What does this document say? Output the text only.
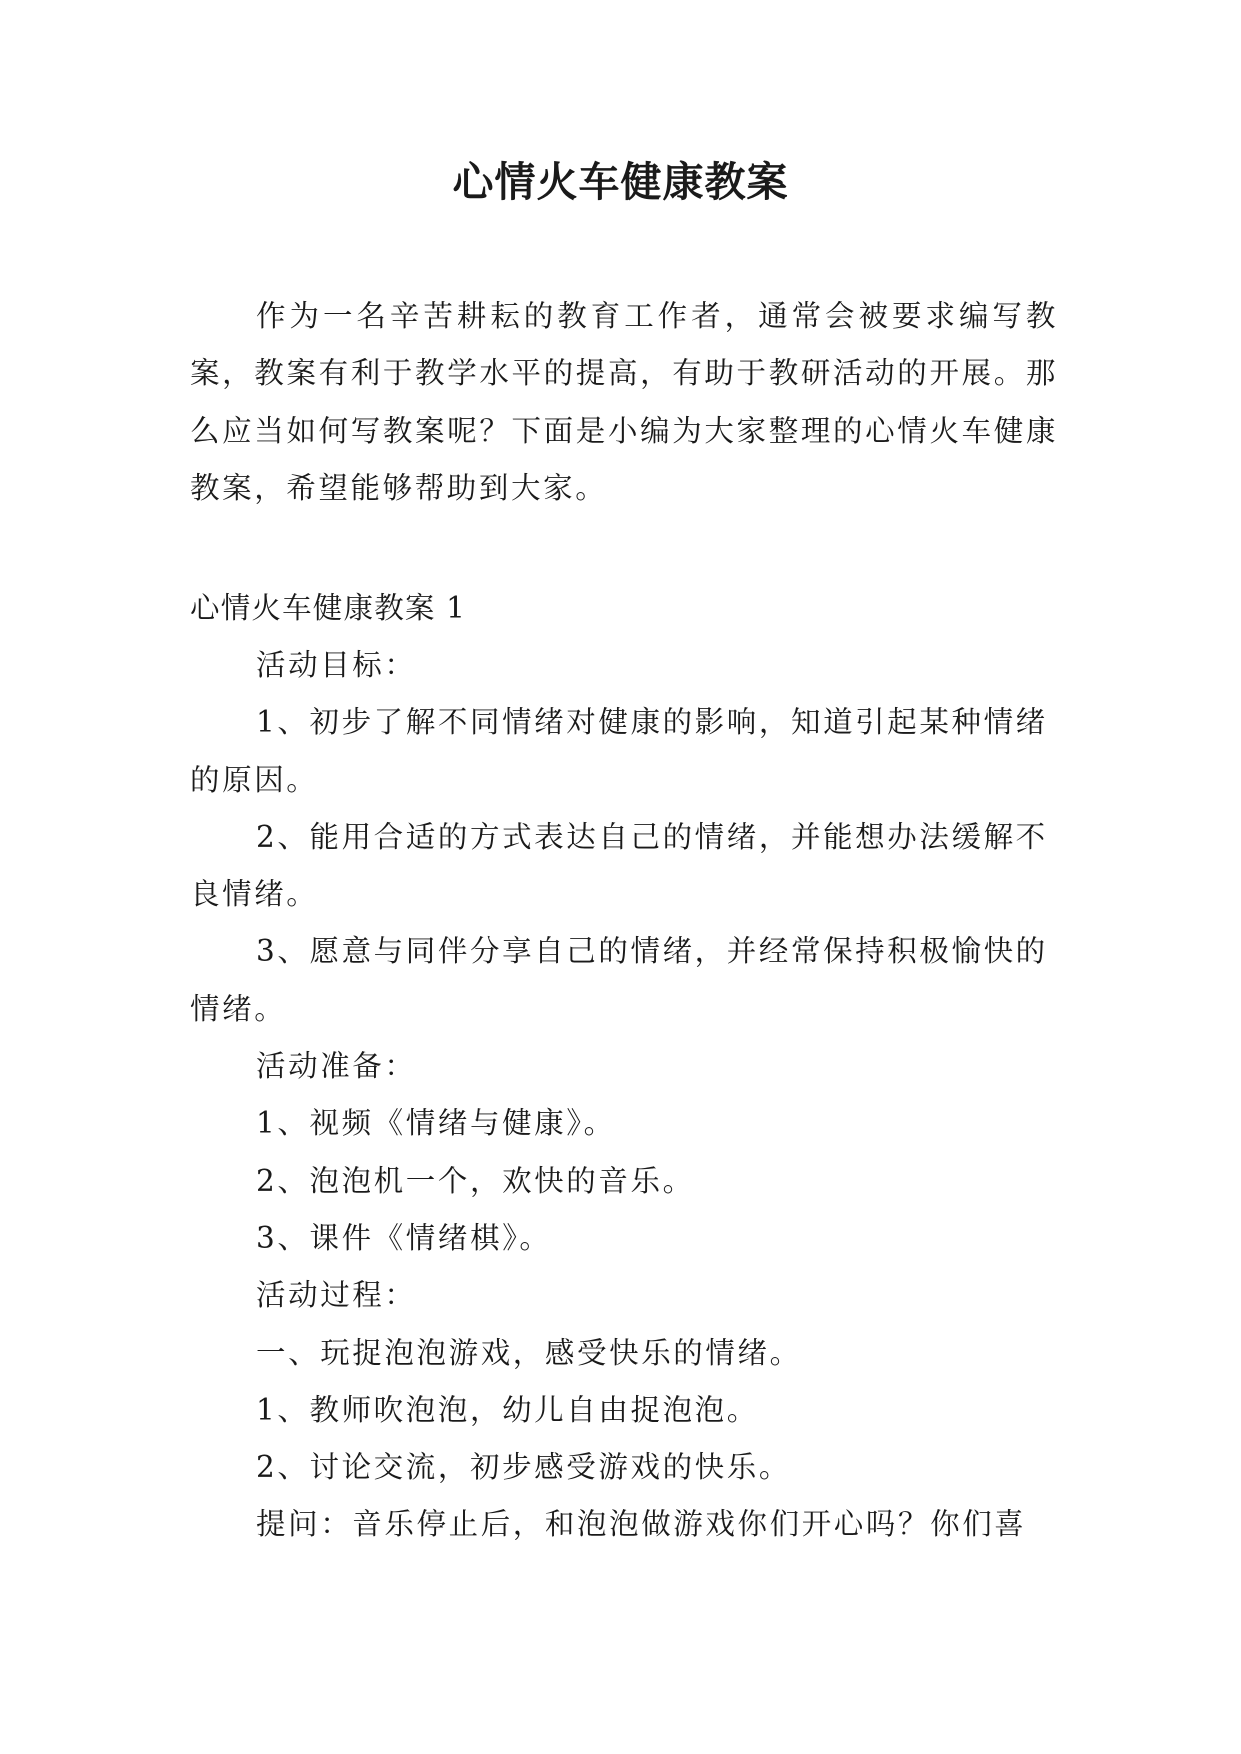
心情火车健康教案

作为一名辛苦耕耘的教育工作者，通常会被要求编写教案，教案有利于教学水平的提高，有助于教研活动的开展。那么应当如何写教案呢？下面是小编为大家整理的心情火车健康教案，希望能够帮助到大家。

心情火车健康教案 1

活动目标：

1、初步了解不同情绪对健康的影响，知道引起某种情绪的原因。

2、能用合适的方式表达自己的情绪，并能想办法缓解不良情绪。

3、愿意与同伴分享自己的情绪，并经常保持积极愉快的情绪。

活动准备：

1、视频《情绪与健康》。

2、泡泡机一个，欢快的音乐。

3、课件《情绪棋》。

活动过程：

一、玩捉泡泡游戏，感受快乐的情绪。

1、教师吹泡泡，幼儿自由捉泡泡。

2、讨论交流，初步感受游戏的快乐。

提问：音乐停止后，和泡泡做游戏你们开心吗？你们喜
